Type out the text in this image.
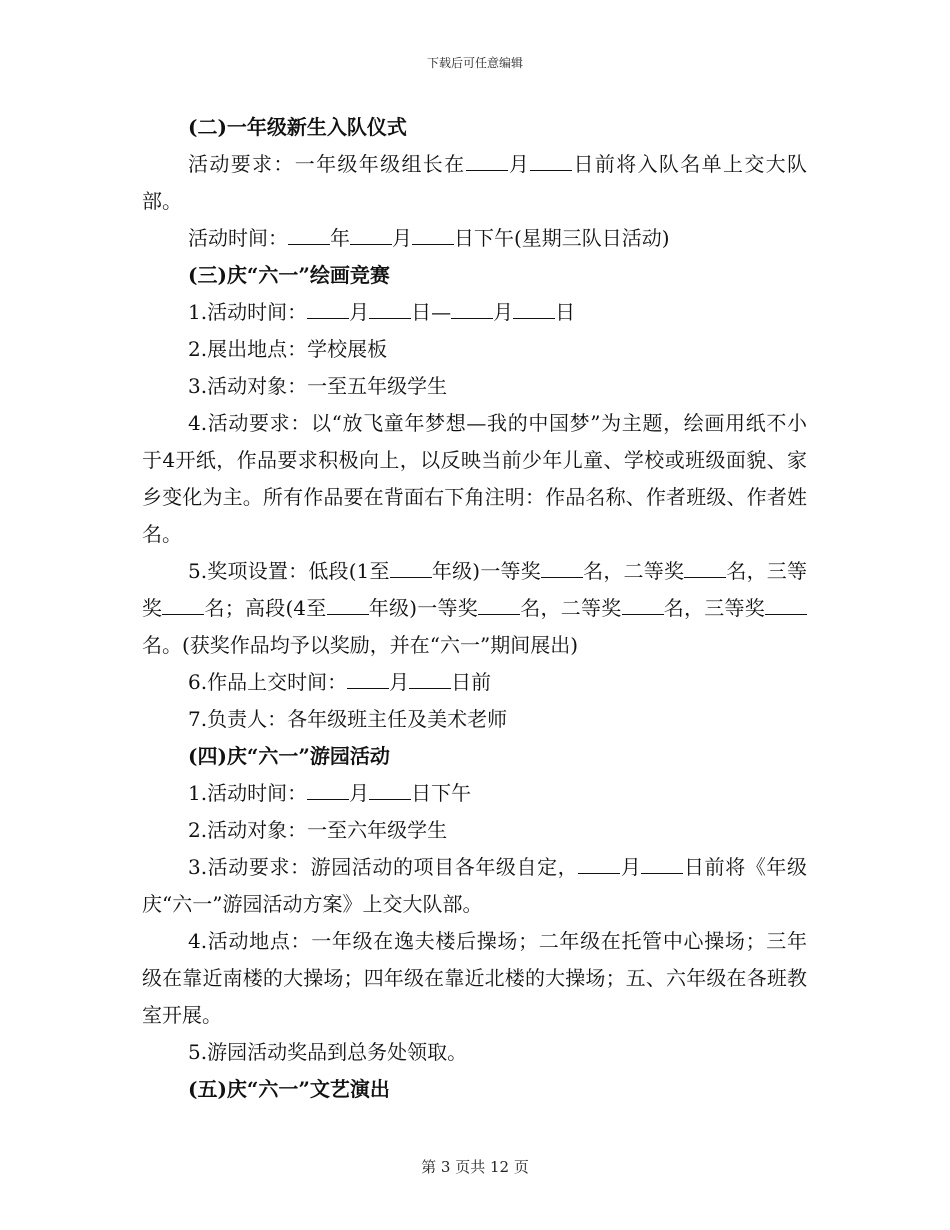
下载后可任意编辑

(二)一年级新生入队仪式

活动要求：一年级年级组长在 月 日前将入队名单上交大队部。

活动时间： 年 月 日下午(星期三队日活动)

(三)庆“六一”绘画竞赛

1.活动时间： 月 日— 月 日

2.展出地点：学校展板

3.活动对象：一至五年级学生

4.活动要求：以“放飞童年梦想—我的中国梦”为主题，绘画用纸不小于4开纸，作品要求积极向上，以反映当前少年儿童、学校或班级面貌、家乡变化为主。所有作品要在背面右下角注明：作品名称、作者班级、作者姓名。

5.奖项设置：低段(1至 年级)一等奖 名，二等奖 名，三等奖 名；高段(4至 年级)一等奖 名，二等奖 名，三等奖名。(获奖作品均予以奖励，并在“六一”期间展出)

6.作品上交时间： 月 日前

7.负责人：各年级班主任及美术老师

(四)庆“六一”游园活动

1.活动时间： 月 日下午

2.活动对象：一至六年级学生

3.活动要求：游园活动的项目各年级自定， 月 日前将《年级庆“六一”游园活动方案》上交大队部。

4.活动地点：一年级在逸夫楼后操场；二年级在托管中心操场；三年级在靠近南楼的大操场；四年级在靠近北楼的大操场；五、六年级在各班教室开展。

5.游园活动奖品到总务处领取。

(五)庆“六一”文艺演出

第 3 页共 12 页
